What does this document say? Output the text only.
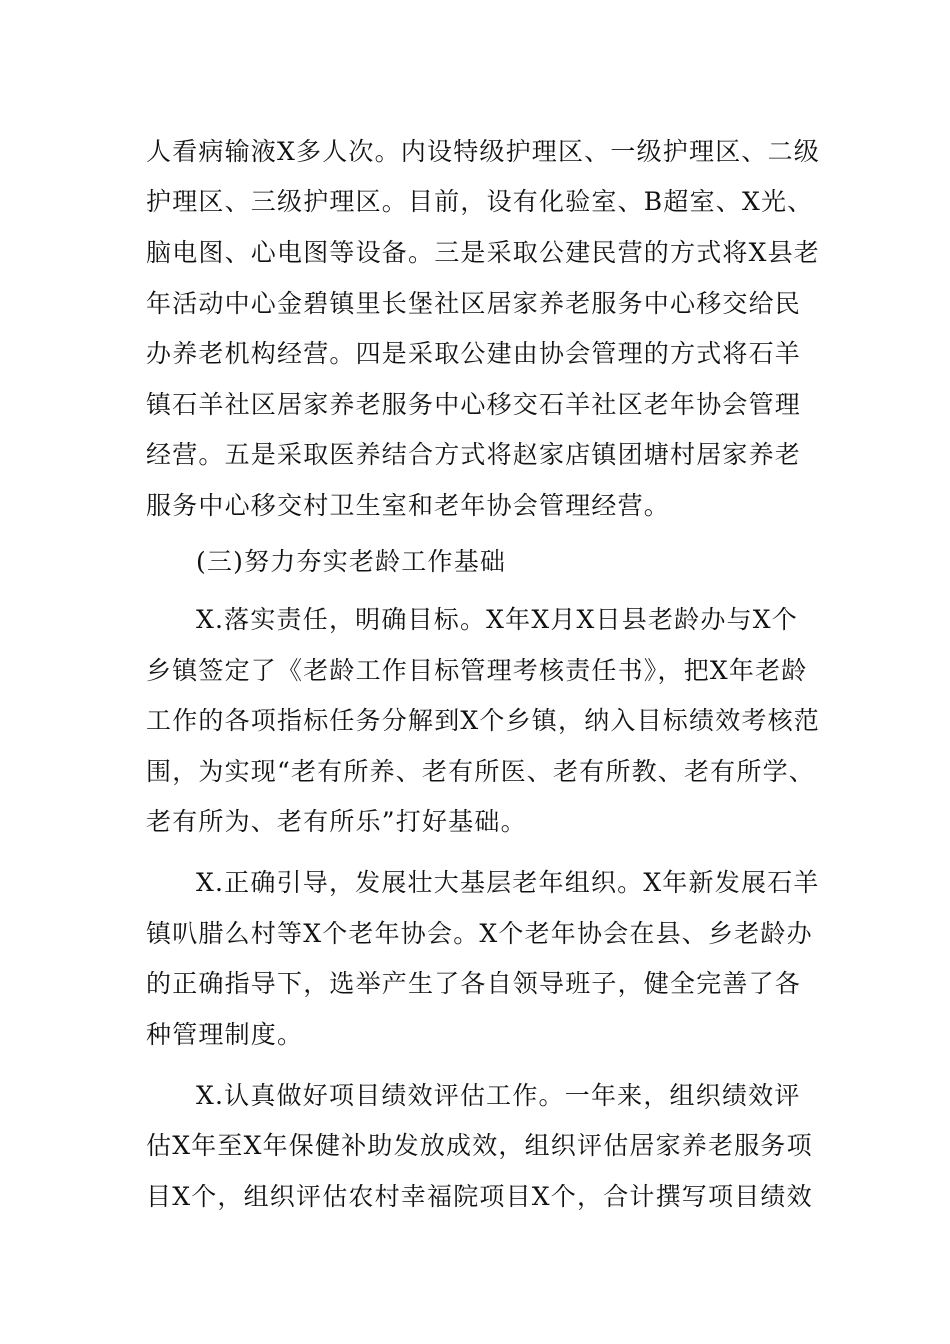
人看病输液X多人次。内设特级护理区、一级护理区、二级
护理区、三级护理区。目前，设有化验室、B超室、X光、
脑电图、心电图等设备。三是采取公建民营的方式将X县老
年活动中心金碧镇里长堡社区居家养老服务中心移交给民
办养老机构经营。四是采取公建由协会管理的方式将石羊
镇石羊社区居家养老服务中心移交石羊社区老年协会管理
经营。五是采取医养结合方式将赵家店镇团塘村居家养老
服务中心移交村卫生室和老年协会管理经营。
(三)努力夯实老龄工作基础
X.落实责任，明确目标。X年X月X日县老龄办与X个
乡镇签定了《老龄工作目标管理考核责任书》，把X年老龄
工作的各项指标任务分解到X个乡镇，纳入目标绩效考核范
围，为实现“老有所养、老有所医、老有所教、老有所学、
老有所为、老有所乐”打好基础。
X.正确引导，发展壮大基层老年组织。X年新发展石羊
镇叭腊么村等X个老年协会。X个老年协会在县、乡老龄办
的正确指导下，选举产生了各自领导班子，健全完善了各
种管理制度。
X.认真做好项目绩效评估工作。一年来，组织绩效评
估X年至X年保健补助发放成效，组织评估居家养老服务项
目X个，组织评估农村幸福院项目X个，合计撰写项目绩效
